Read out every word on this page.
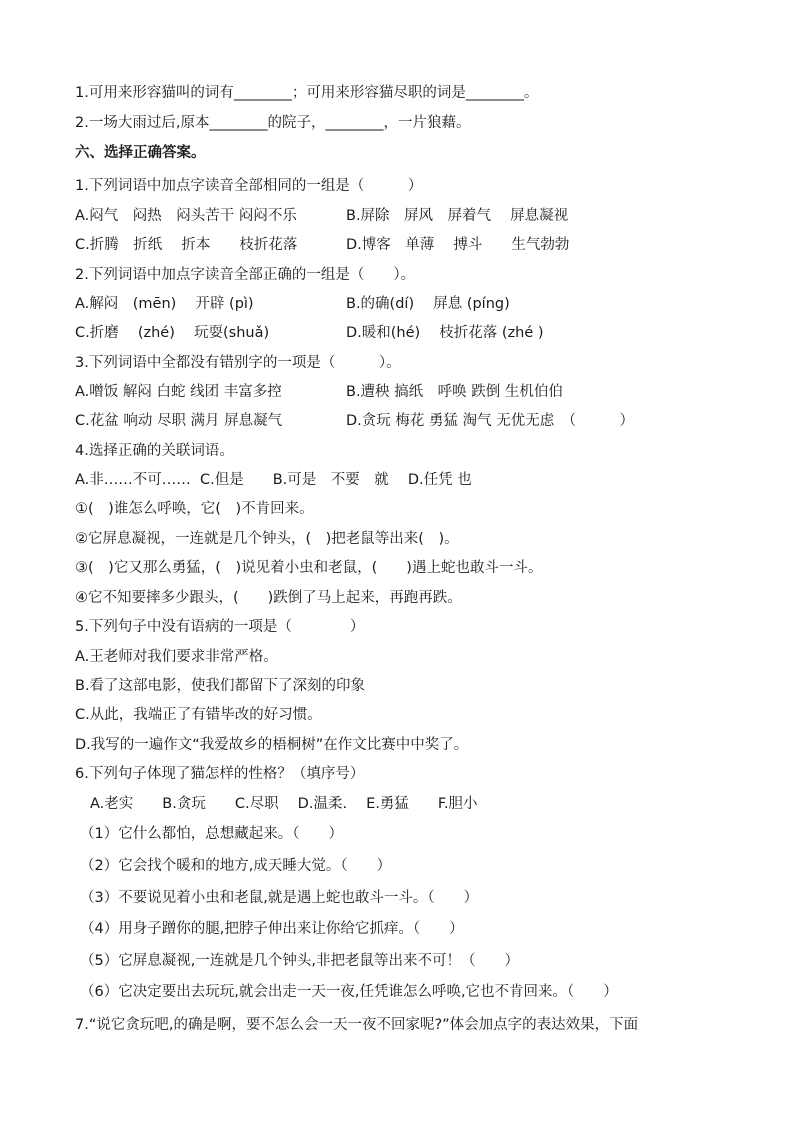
1.可用来形容猫叫的词有________；可用来形容猫尽职的词是________。
2.一场大雨过后,原本________的院子，________，一片狼藉。
六、选择正确答案。
1.下列词语中加点字读音全部相同的一组是（　　　）
A.闷气　闷热　闷头苦干 闷闷不乐	B.屏除　屏风　屏着气　 屏息凝视
C.折腾　折纸　 折本　　枝折花落	D.博客　单薄　 搏斗　　生气勃勃
2.下列词语中加点字读音全部正确的一组是（　　）。
A.解闷　(mēn)　 开辟 (pì)	B.的确(dí)　 屏息 (píng)
C.折磨　 (zhé)　 玩耍(shuǎ)	D.暖和(hé)　 枝折花落 (zhé )
3.下列词语中全都没有错别字的一项是（　　　）。
A.噌饭 解闷 白蛇 线团 丰富多控	B.遭秧 搞纸　呼唤 跌倒 生机伯伯
C.花盆 响动 尽职 满月 屏息凝气	D.贪玩 梅花 勇猛 淘气 无优无虑　（　　　）
4.选择正确的关联词语。
A.非……不可……  C.但是　　B.可是　不要　就　 D.任凭 也
①(　)谁怎么呼唤，它(　)不肯回来。
②它屏息凝视，一连就是几个钟头，(　)把老鼠等出来(　)。
③(　)它又那么勇猛，(　)说见着小虫和老鼠，(　　)遇上蛇也敢斗一斗。
④它不知要摔多少跟头，(　　)跌倒了马上起来，再跑再跌。
5.下列句子中没有语病的一项是（　　　　）
A.王老师对我们要求非常严格。
B.看了这部电影，使我们都留下了深刻的印象
C.从此，我端正了有错毕改的好习惯。
D.我写的一遍作文“我爱故乡的梧桐树”在作文比赛中中奖了。
6.下列句子体现了猫怎样的性格？（填序号）
A.老实　　B.贪玩　　C.尽职　 D.温柔.　 E.勇猛　　F.胆小
（1）它什么都怕，总想藏起来。（　　）
（2）它会找个暖和的地方,成天睡大觉。（　　）
（3）不要说见着小虫和老鼠,就是遇上蛇也敢斗一斗。（　　）
（4）用身子蹭你的腿,把脖子伸出来让你给它抓痒。（　　）
（5）它屏息凝视,一连就是几个钟头,非把老鼠等出来不可！（　　）
（6）它决定要出去玩玩,就会出走一天一夜,任凭谁怎么呼唤,它也不肯回来。（　　）
7.“说它贪玩吧,的确是啊，要不怎么会一天一夜不回家呢?”体会加点字的表达效果，下面
